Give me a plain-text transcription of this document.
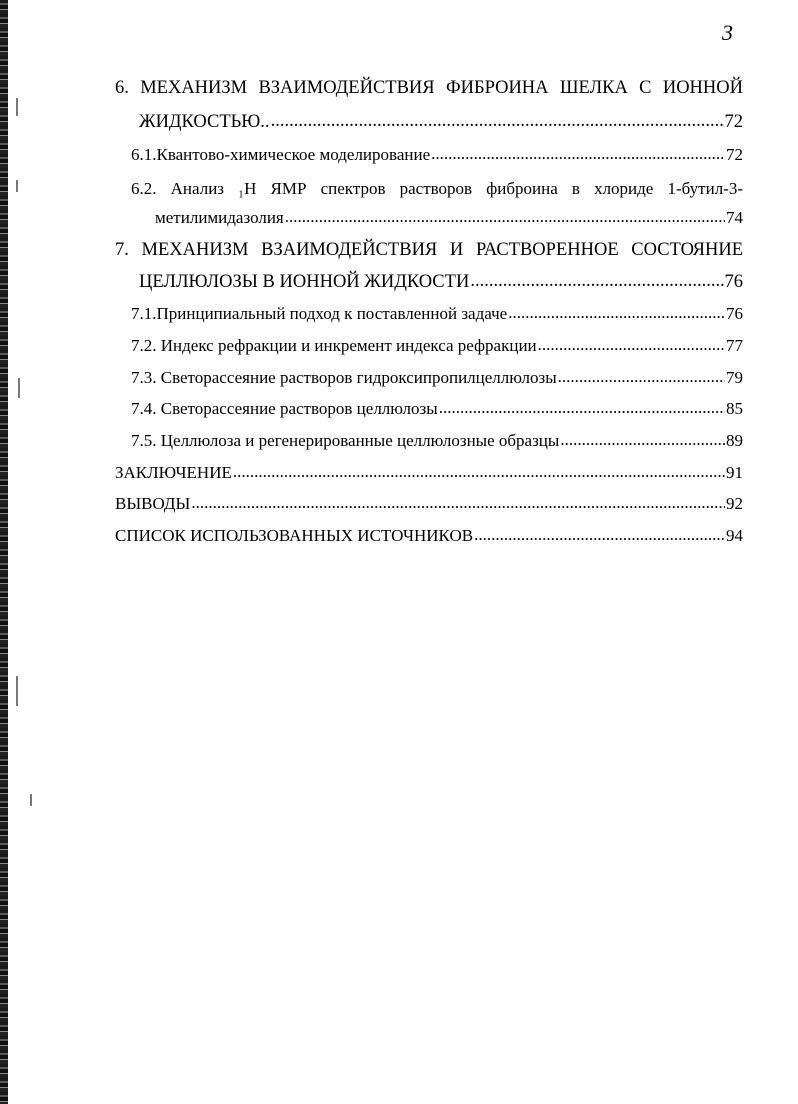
3
6. МЕХАНИЗМ ВЗАИМОДЕЙСТВИЯ ФИБРОИНА ШЕЛКА С ИОННОЙ
ЖИДКОСТЬЮ.. .....	72
6.1.Квантово-химическое моделирование .....	72
6.2. Анализ ₁Н ЯМР спектров растворов фиброина в хлориде 1-бутил-3-
метилимидазолия .....	74
7. МЕХАНИЗМ ВЗАИМОДЕЙСТВИЯ И РАСТВОРЕННОЕ СОСТОЯНИЕ
ЦЕЛЛЮЛОЗЫ В ИОННОЙ ЖИДКОСТИ .....	76
7.1.Принципиальный подход к поставленной задаче .....	76
7.2. Индекс рефракции и инкремент индекса рефракции .....	77
7.3. Светорассеяние растворов гидроксипропилцеллюлозы .....	79
7.4. Светорассеяние растворов целлюлозы .....	85
7.5. Целлюлоза и регенерированные целлюлозные образцы .....	89
ЗАКЛЮЧЕНИЕ .....	91
ВЫВОДЫ .....	92
СПИСОК ИСПОЛЬЗОВАННЫХ ИСТОЧНИКОВ .....	94
